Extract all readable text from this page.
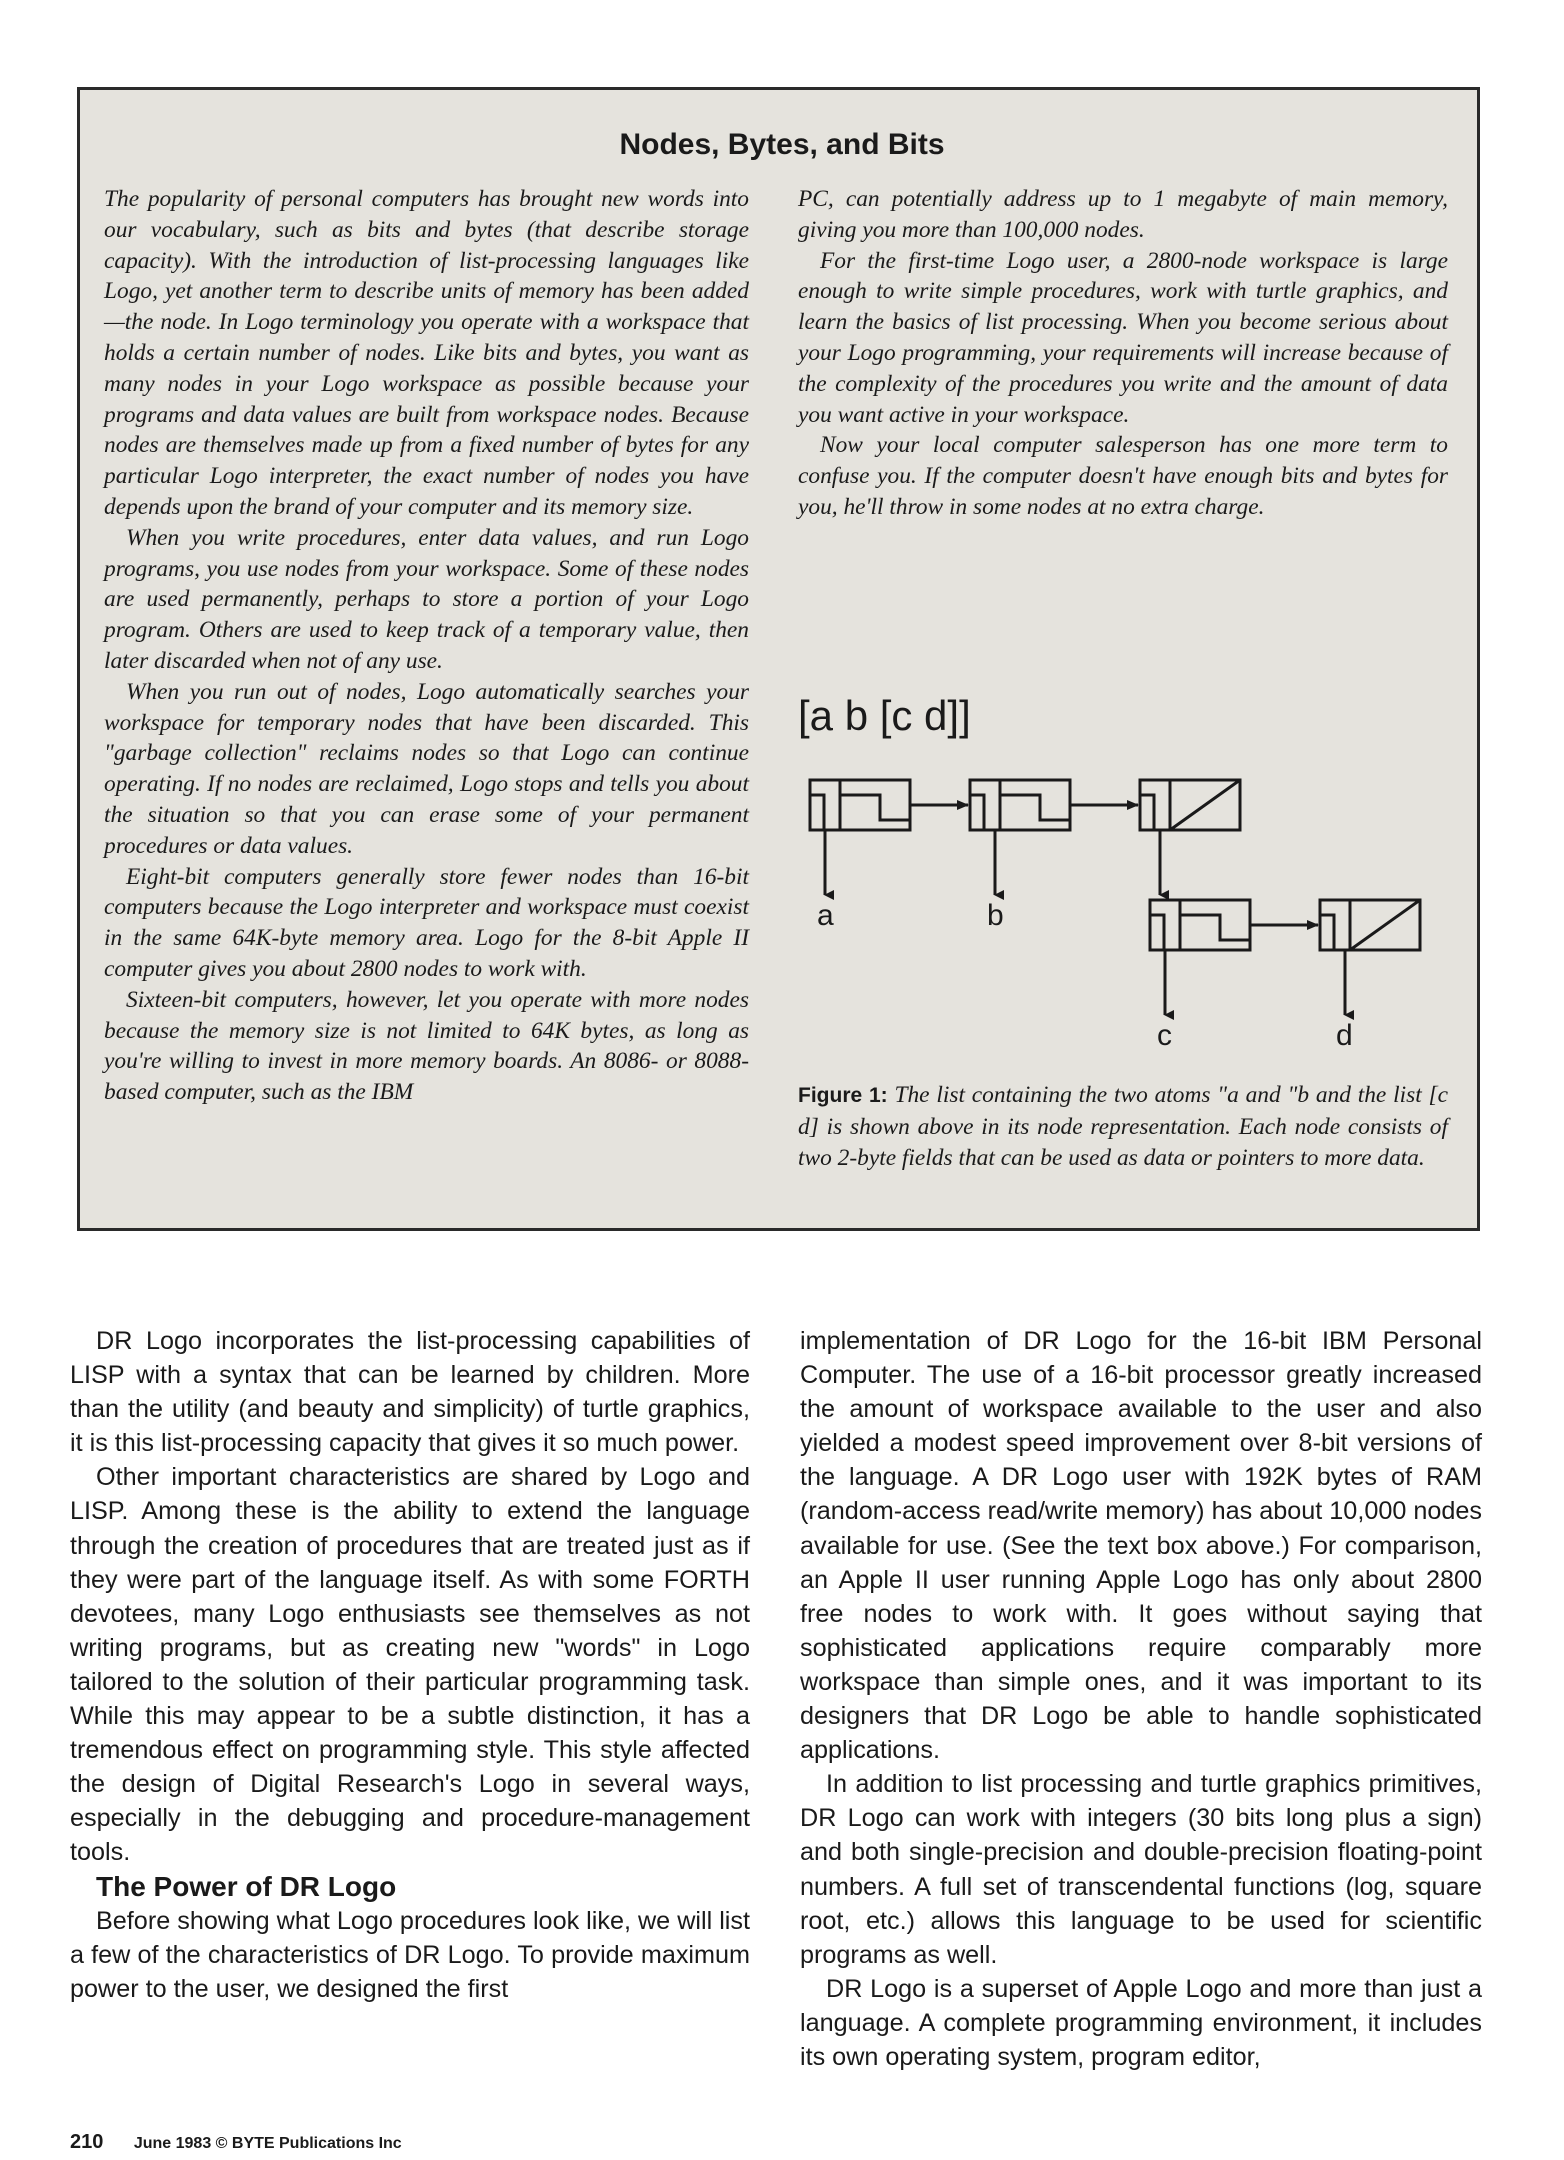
Nodes, Bytes, and Bits

The popularity of personal computers has brought new words into our vocabulary, such as bits and bytes (that describe storage capacity). With the introduction of list-processing languages like Logo, yet another term to describe units of memory has been added—the node. In Logo terminology you operate with a workspace that holds a certain number of nodes. Like bits and bytes, you want as many nodes in your Logo workspace as possible because your programs and data values are built from workspace nodes. Because nodes are themselves made up from a fixed number of bytes for any particular Logo interpreter, the exact number of nodes you have depends upon the brand of your computer and its memory size.

When you write procedures, enter data values, and run Logo programs, you use nodes from your workspace. Some of these nodes are used permanently, perhaps to store a portion of your Logo program. Others are used to keep track of a temporary value, then later discarded when not of any use.

When you run out of nodes, Logo automatically searches your workspace for temporary nodes that have been discarded. This "garbage collection" reclaims nodes so that Logo can continue operating. If no nodes are reclaimed, Logo stops and tells you about the situation so that you can erase some of your permanent procedures or data values.

Eight-bit computers generally store fewer nodes than 16-bit computers because the Logo interpreter and workspace must coexist in the same 64K-byte memory area. Logo for the 8-bit Apple II computer gives you about 2800 nodes to work with.

Sixteen-bit computers, however, let you operate with more nodes because the memory size is not limited to 64K bytes, as long as you're willing to invest in more memory boards. An 8086- or 8088-based computer, such as the IBM

PC, can potentially address up to 1 megabyte of main memory, giving you more than 100,000 nodes.

For the first-time Logo user, a 2800-node workspace is large enough to write simple procedures, work with turtle graphics, and learn the basics of list processing. When you become serious about your Logo programming, your requirements will increase because of the complexity of the procedures you write and the amount of data you want active in your workspace.

Now your local computer salesperson has one more term to confuse you. If the computer doesn't have enough bits and bytes for you, he'll throw in some nodes at no extra charge.

[a b [c d]]
a	b
c	d
Figure 1: The list containing the two atoms "a and "b and the list [c d] is shown above in its node representation. Each node consists of two 2-byte fields that can be used as data or pointers to more data.

DR Logo incorporates the list-processing capabilities of LISP with a syntax that can be learned by children. More than the utility (and beauty and simplicity) of turtle graphics, it is this list-processing capacity that gives it so much power.

Other important characteristics are shared by Logo and LISP. Among these is the ability to extend the language through the creation of procedures that are treated just as if they were part of the language itself. As with some FORTH devotees, many Logo enthusiasts see themselves as not writing programs, but as creating new "words" in Logo tailored to the solution of their particular programming task. While this may appear to be a subtle distinction, it has a tremendous effect on programming style. This style affected the design of Digital Research's Logo in several ways, especially in the debugging and procedure-management tools.

The Power of DR Logo

Before showing what Logo procedures look like, we will list a few of the characteristics of DR Logo. To provide maximum power to the user, we designed the first

implementation of DR Logo for the 16-bit IBM Personal Computer. The use of a 16-bit processor greatly increased the amount of workspace available to the user and also yielded a modest speed improvement over 8-bit versions of the language. A DR Logo user with 192K bytes of RAM (random-access read/write memory) has about 10,000 nodes available for use. (See the text box above.) For comparison, an Apple II user running Apple Logo has only about 2800 free nodes to work with. It goes without saying that sophisticated applications require comparably more workspace than simple ones, and it was important to its designers that DR Logo be able to handle sophisticated applications.

In addition to list processing and turtle graphics primitives, DR Logo can work with integers (30 bits long plus a sign) and both single-precision and double-precision floating-point numbers. A full set of transcendental functions (log, square root, etc.) allows this language to be used for scientific programs as well.

DR Logo is a superset of Apple Logo and more than just a language. A complete programming environment, it includes its own operating system, program editor,

210 June 1983 © BYTE Publications Inc
